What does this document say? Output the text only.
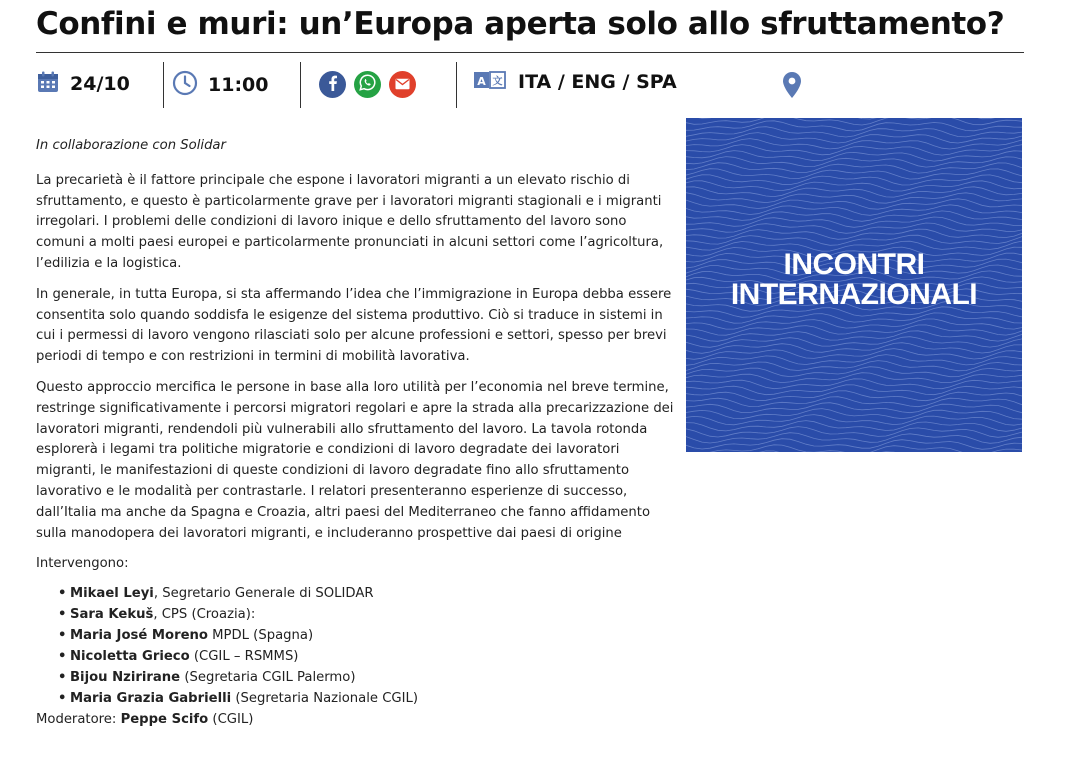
Confini e muri: un’Europa aperta solo allo sfruttamento?
24/10	11:00	A 文 ITA / ENG / SPA

In collaborazione con Solidar

La precarietà è il fattore principale che espone i lavoratori migranti a un elevato rischio di sfruttamento, e questo è particolarmente grave per i lavoratori migranti stagionali e i migranti irregolari. I problemi delle condizioni di lavoro inique e dello sfruttamento del lavoro sono comuni a molti paesi europei e particolarmente pronunciati in alcuni settori come l’agricoltura, l’edilizia e la logistica.

In generale, in tutta Europa, si sta affermando l’idea che l’immigrazione in Europa debba essere consentita solo quando soddisfa le esigenze del sistema produttivo. Ciò si traduce in sistemi in cui i permessi di lavoro vengono rilasciati solo per alcune professioni e settori, spesso per brevi periodi di tempo e con restrizioni in termini di mobilità lavorativa.

Questo approccio mercifica le persone in base alla loro utilità per l’economia nel breve termine, restringe significativamente i percorsi migratori regolari e apre la strada alla precarizzazione dei lavoratori migranti, rendendoli più vulnerabili allo sfruttamento del lavoro. La tavola rotonda esplorerà i legami tra politiche migratorie e condizioni di lavoro degradate dei lavoratori migranti, le manifestazioni di queste condizioni di lavoro degradate fino allo sfruttamento lavorativo e le modalità per contrastarle. I relatori presenteranno esperienze di successo, dall’Italia ma anche da Spagna e Croazia, altri paesi del Mediterraneo che fanno affidamento sulla manodopera dei lavoratori migranti, e includeranno prospettive dai paesi di origine

Intervengono:
• Mikael Leyi, Segretario Generale di SOLIDAR
• Sara Kekuš, CPS (Croazia):
• Maria José Moreno MPDL (Spagna)
• Nicoletta Grieco (CGIL – RSMMS)
• Bijou Nzirirane (Segretaria CGIL Palermo)
• Maria Grazia Gabrielli (Segretaria Nazionale CGIL)
Moderatore: Peppe Scifo (CGIL)
INCONTRI
INTERNAZIONALI
